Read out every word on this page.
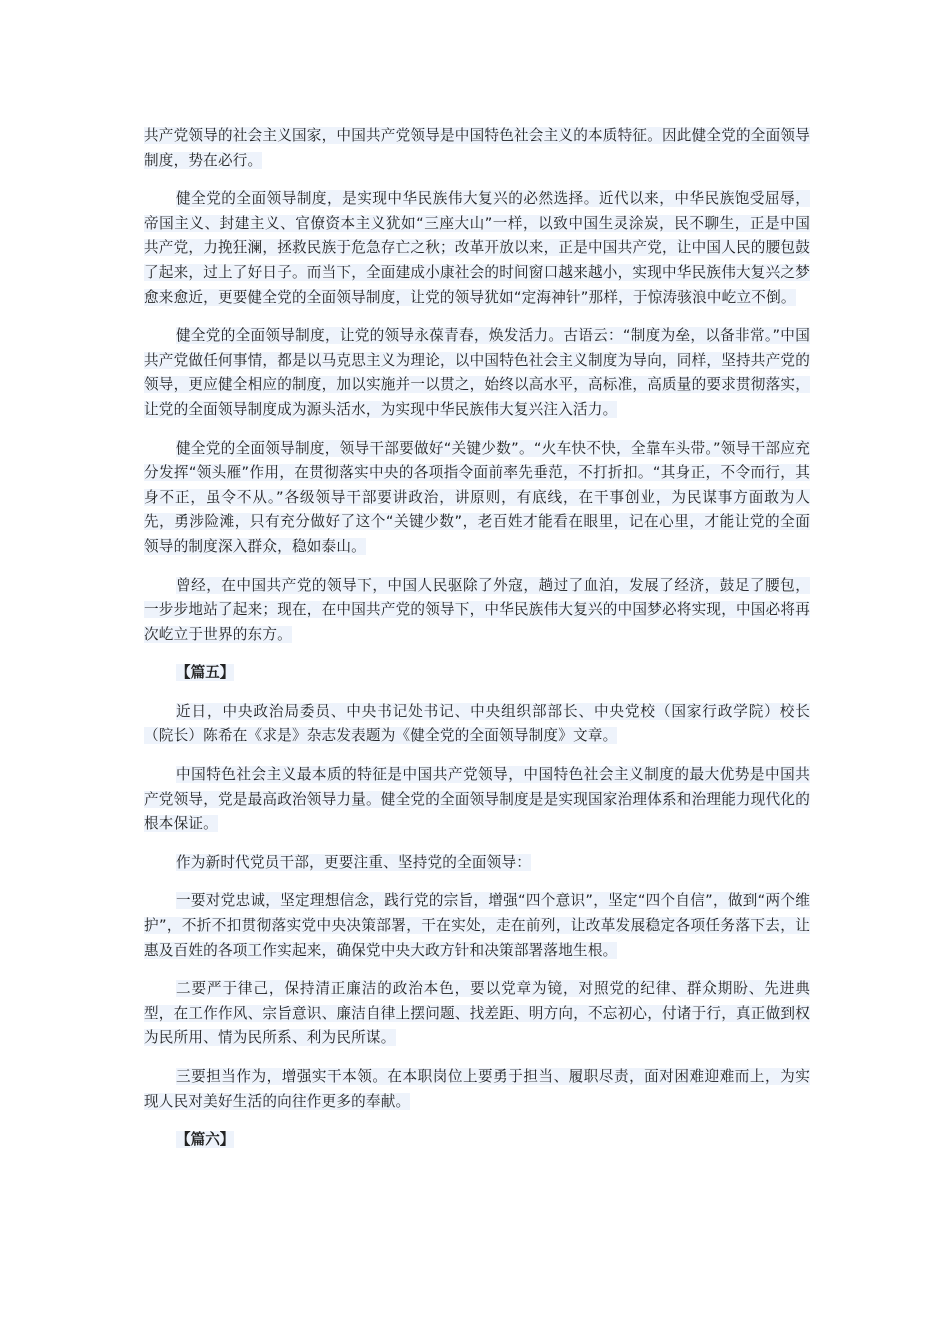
共产党领导的社会主义国家，中国共产党领导是中国特色社会主义的本质特征。因此健全党的全面领导制度，势在必行。

健全党的全面领导制度，是实现中华民族伟大复兴的必然选择。近代以来，中华民族饱受屈辱，帝国主义、封建主义、官僚资本主义犹如“三座大山”一样，以致中国生灵涂炭，民不聊生，正是中国共产党，力挽狂澜，拯救民族于危急存亡之秋；改革开放以来，正是中国共产党，让中国人民的腰包鼓了起来，过上了好日子。而当下，全面建成小康社会的时间窗口越来越小，实现中华民族伟大复兴之梦愈来愈近，更要健全党的全面领导制度，让党的领导犹如“定海神针”那样，于惊涛骇浪中屹立不倒。

健全党的全面领导制度，让党的领导永葆青春，焕发活力。古语云：“制度为垒，以备非常。”中国共产党做任何事情，都是以马克思主义为理论，以中国特色社会主义制度为导向，同样，坚持共产党的领导，更应健全相应的制度，加以实施并一以贯之，始终以高水平，高标准，高质量的要求贯彻落实，让党的全面领导制度成为源头活水，为实现中华民族伟大复兴注入活力。

健全党的全面领导制度，领导干部要做好“关键少数”。“火车快不快，全靠车头带。”领导干部应充分发挥“领头雁”作用，在贯彻落实中央的各项指令面前率先垂范，不打折扣。“其身正，不令而行，其身不正，虽令不从。”各级领导干部要讲政治，讲原则，有底线，在干事创业，为民谋事方面敢为人先，勇涉险滩，只有充分做好了这个“关键少数”，老百姓才能看在眼里，记在心里，才能让党的全面领导的制度深入群众，稳如泰山。

曾经，在中国共产党的领导下，中国人民驱除了外寇，趟过了血泊，发展了经济，鼓足了腰包，一步步地站了起来；现在，在中国共产党的领导下，中华民族伟大复兴的中国梦必将实现，中国必将再次屹立于世界的东方。

【篇五】

近日，中央政治局委员、中央书记处书记、中央组织部部长、中央党校（国家行政学院）校长（院长）陈希在《求是》杂志发表题为《健全党的全面领导制度》文章。

中国特色社会主义最本质的特征是中国共产党领导，中国特色社会主义制度的最大优势是中国共产党领导，党是最高政治领导力量。健全党的全面领导制度是是实现国家治理体系和治理能力现代化的根本保证。

作为新时代党员干部，更要注重、坚持党的全面领导：

一要对党忠诚，坚定理想信念，践行党的宗旨，增强“四个意识”，坚定“四个自信”，做到“两个维护”，不折不扣贯彻落实党中央决策部署，干在实处，走在前列，让改革发展稳定各项任务落下去，让惠及百姓的各项工作实起来，确保党中央大政方针和决策部署落地生根。

二要严于律己，保持清正廉洁的政治本色，要以党章为镜，对照党的纪律、群众期盼、先进典型，在工作作风、宗旨意识、廉洁自律上摆问题、找差距、明方向，不忘初心，付诸于行，真正做到权为民所用、情为民所系、利为民所谋。

三要担当作为，增强实干本领。在本职岗位上要勇于担当、履职尽责，面对困难迎难而上，为实现人民对美好生活的向往作更多的奉献。

【篇六】
